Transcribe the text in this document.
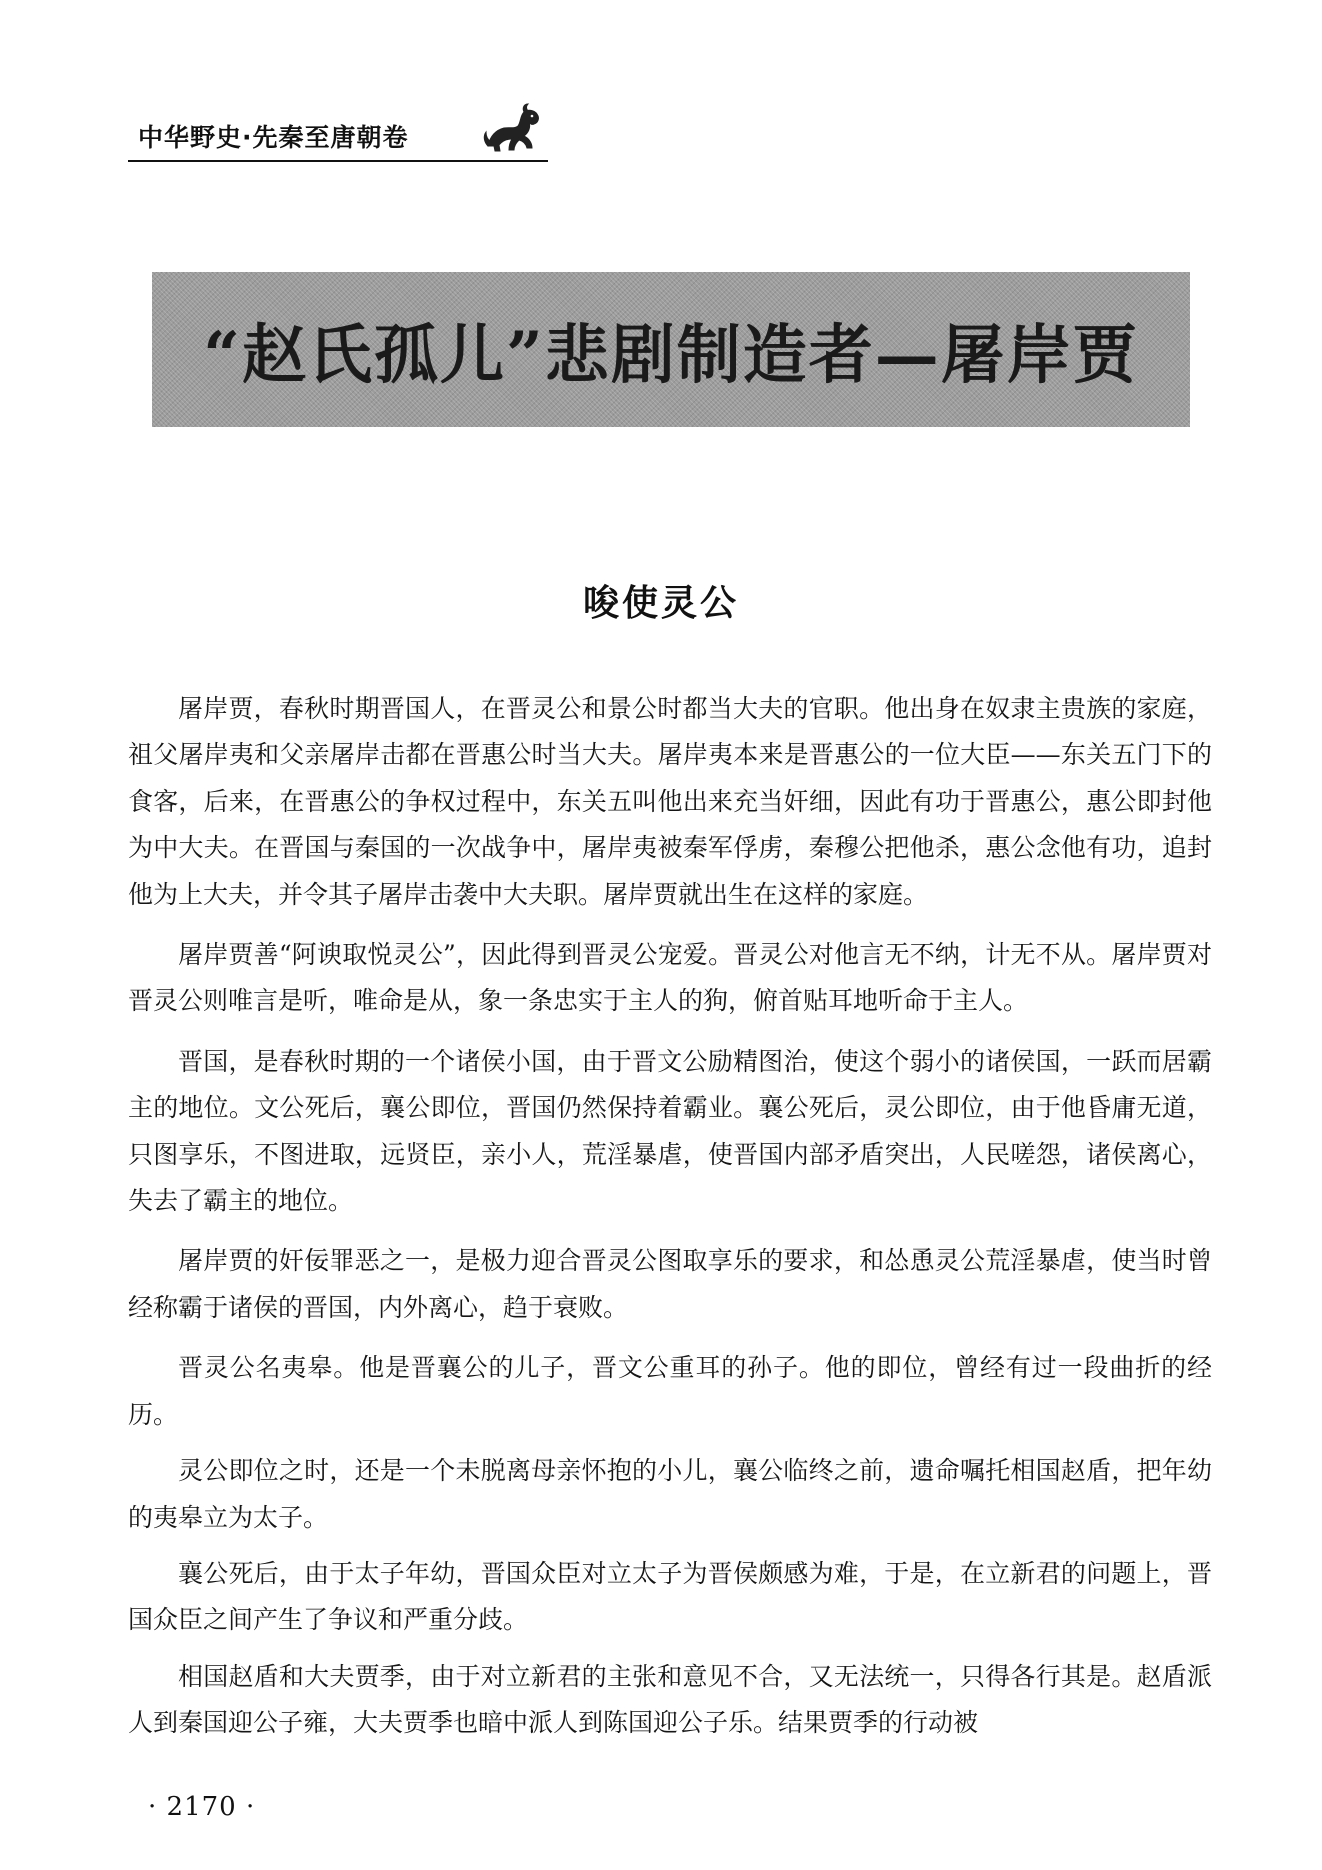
中华野史·先秦至唐朝卷
“赵氏孤儿”悲剧制造者—屠岸贾
唆使灵公

屠岸贾，春秋时期晋国人，在晋灵公和景公时都当大夫的官职。他出身在奴隶主贵族的家庭，祖父屠岸夷和父亲屠岸击都在晋惠公时当大夫。屠岸夷本来是晋惠公的一位大臣——东关五门下的食客，后来，在晋惠公的争权过程中，东关五叫他出来充当奸细，因此有功于晋惠公，惠公即封他为中大夫。在晋国与秦国的一次战争中，屠岸夷被秦军俘虏，秦穆公把他杀，惠公念他有功，追封他为上大夫，并令其子屠岸击袭中大夫职。屠岸贾就出生在这样的家庭。

屠岸贾善“阿谀取悦灵公”，因此得到晋灵公宠爱。晋灵公对他言无不纳，计无不从。屠岸贾对晋灵公则唯言是听，唯命是从，象一条忠实于主人的狗，俯首贴耳地听命于主人。

晋国，是春秋时期的一个诸侯小国，由于晋文公励精图治，使这个弱小的诸侯国，一跃而居霸主的地位。文公死后，襄公即位，晋国仍然保持着霸业。襄公死后，灵公即位，由于他昏庸无道，只图享乐，不图进取，远贤臣，亲小人，荒淫暴虐，使晋国内部矛盾突出，人民嗟怨，诸侯离心，失去了霸主的地位。

屠岸贾的奸佞罪恶之一，是极力迎合晋灵公图取享乐的要求，和怂恿灵公荒淫暴虐，使当时曾经称霸于诸侯的晋国，内外离心，趋于衰败。

晋灵公名夷皋。他是晋襄公的儿子，晋文公重耳的孙子。他的即位，曾经有过一段曲折的经历。

灵公即位之时，还是一个未脱离母亲怀抱的小儿，襄公临终之前，遗命嘱托相国赵盾，把年幼的夷皋立为太子。

襄公死后，由于太子年幼，晋国众臣对立太子为晋侯颇感为难，于是，在立新君的问题上，晋国众臣之间产生了争议和严重分歧。

相国赵盾和大夫贾季，由于对立新君的主张和意见不合，又无法统一，只得各行其是。赵盾派人到秦国迎公子雍，大夫贾季也暗中派人到陈国迎公子乐。结果贾季的行动被

· 2170 ·
